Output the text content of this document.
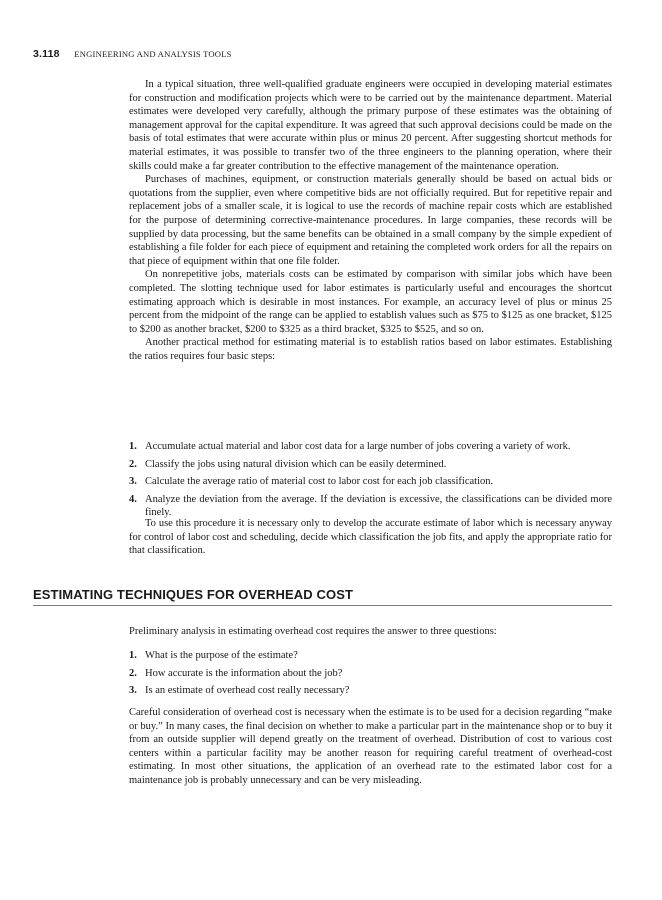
3.118 ENGINEERING AND ANALYSIS TOOLS

In a typical situation, three well-qualified graduate engineers were occupied in developing material estimates for construction and modification projects which were to be carried out by the maintenance department. Material estimates were developed very carefully, although the primary purpose of these estimates was the obtaining of management approval for the capital expenditure. It was agreed that such approval decisions could be made on the basis of total estimates that were accurate within plus or minus 20 percent. After suggesting shortcut methods for material estimates, it was possible to transfer two of the three engineers to the planning operation, where their skills could make a far greater contribution to the effective management of the maintenance operation.

Purchases of machines, equipment, or construction materials generally should be based on actual bids or quotations from the supplier, even where competitive bids are not officially required. But for repetitive repair and replacement jobs of a smaller scale, it is logical to use the records of machine repair costs which are established for the purpose of determining corrective-maintenance procedures. In large companies, these records will be supplied by data processing, but the same benefits can be obtained in a small company by the simple expedient of establishing a file folder for each piece of equipment and retaining the completed work orders for all the repairs on that piece of equipment within that one file folder.

On nonrepetitive jobs, materials costs can be estimated by comparison with similar jobs which have been completed. The slotting technique used for labor estimates is particularly useful and encourages the shortcut estimating approach which is desirable in most instances. For example, an accuracy level of plus or minus 25 percent from the midpoint of the range can be applied to establish values such as $75 to $125 as one bracket, $125 to $200 as another bracket, $200 to $325 as a third bracket, $325 to $525, and so on.

Another practical method for estimating material is to establish ratios based on labor estimates. Establishing the ratios requires four basic steps:

1. Accumulate actual material and labor cost data for a large number of jobs covering a variety of work.
2. Classify the jobs using natural division which can be easily determined.
3. Calculate the average ratio of material cost to labor cost for each job classification.
4. Analyze the deviation from the average. If the deviation is excessive, the classifications can be divided more finely.

To use this procedure it is necessary only to develop the accurate estimate of labor which is necessary anyway for control of labor cost and scheduling, decide which classification the job fits, and apply the appropriate ratio for that classification.

ESTIMATING TECHNIQUES FOR OVERHEAD COST

Preliminary analysis in estimating overhead cost requires the answer to three questions:

1. What is the purpose of the estimate?
2. How accurate is the information about the job?
3. Is an estimate of overhead cost really necessary?

Careful consideration of overhead cost is necessary when the estimate is to be used for a decision regarding “make or buy.” In many cases, the final decision on whether to make a particular part in the maintenance shop or to buy it from an outside supplier will depend greatly on the treatment of overhead. Distribution of cost to various cost centers within a particular facility may be another reason for requiring careful treatment of overhead-cost estimating. In most other situations, the application of an overhead rate to the estimated labor cost for a maintenance job is probably unnecessary and can be very misleading.
